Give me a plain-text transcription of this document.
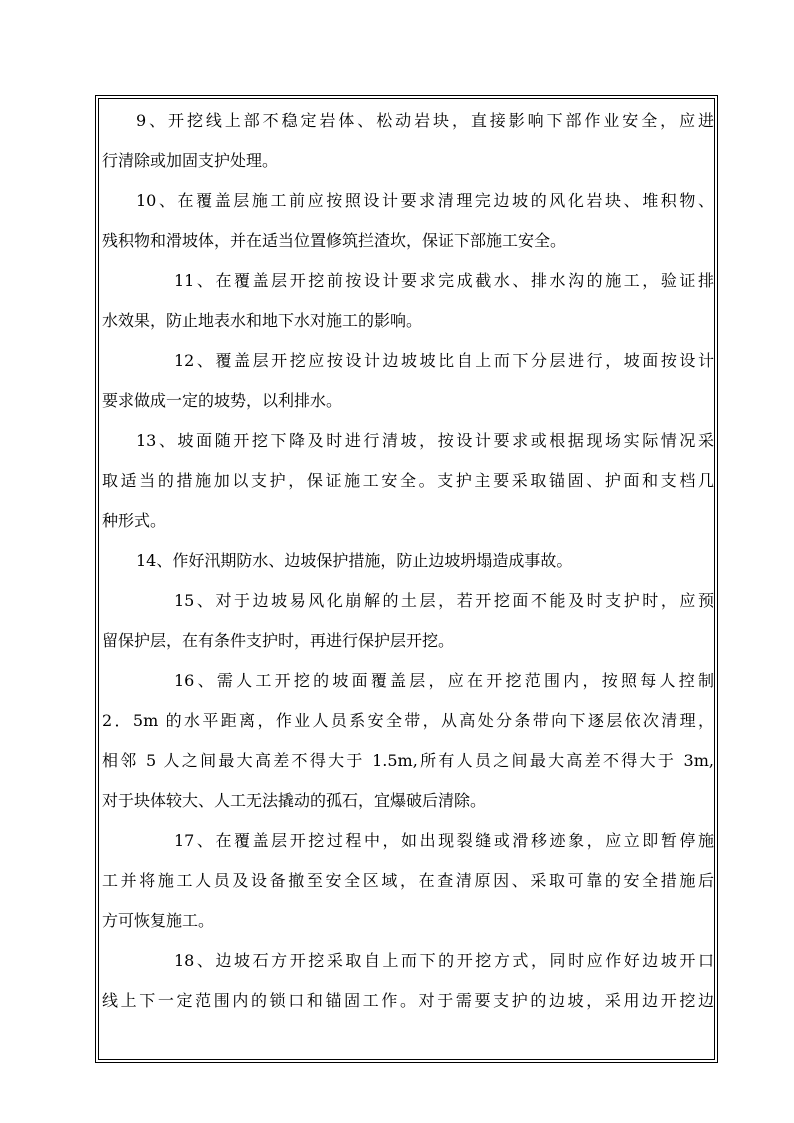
9、开挖线上部不稳定岩体、松动岩块，直接影响下部作业安全，应进
行清除或加固支护处理。
10、在覆盖层施工前应按照设计要求清理完边坡的风化岩块、堆积物、
残积物和滑坡体，并在适当位置修筑拦渣坎，保证下部施工安全。
11、在覆盖层开挖前按设计要求完成截水、排水沟的施工，验证排
水效果，防止地表水和地下水对施工的影响。
12、覆盖层开挖应按设计边坡坡比自上而下分层进行，坡面按设计
要求做成一定的坡势，以利排水。
13、坡面随开挖下降及时进行清坡，按设计要求或根据现场实际情况采
取适当的措施加以支护，保证施工安全。支护主要采取锚固、护面和支档几
种形式。
14、作好汛期防水、边坡保护措施，防止边坡坍塌造成事故。
15、对于边坡易风化崩解的土层，若开挖面不能及时支护时，应预
留保护层，在有条件支护时，再进行保护层开挖。
16、需人工开挖的坡面覆盖层，应在开挖范围内，按照每人控制
2．5m 的水平距离，作业人员系安全带，从高处分条带向下逐层依次清理，
相邻 5 人之间最大高差不得大于 1.5m,所有人员之间最大高差不得大于 3m,
对于块体较大、人工无法撬动的孤石，宜爆破后清除。
17、在覆盖层开挖过程中，如出现裂缝或滑移迹象，应立即暂停施
工并将施工人员及设备撤至安全区域，在查清原因、采取可靠的安全措施后
方可恢复施工。
18、边坡石方开挖采取自上而下的开挖方式，同时应作好边坡开口
线上下一定范围内的锁口和锚固工作。对于需要支护的边坡，采用边开挖边
